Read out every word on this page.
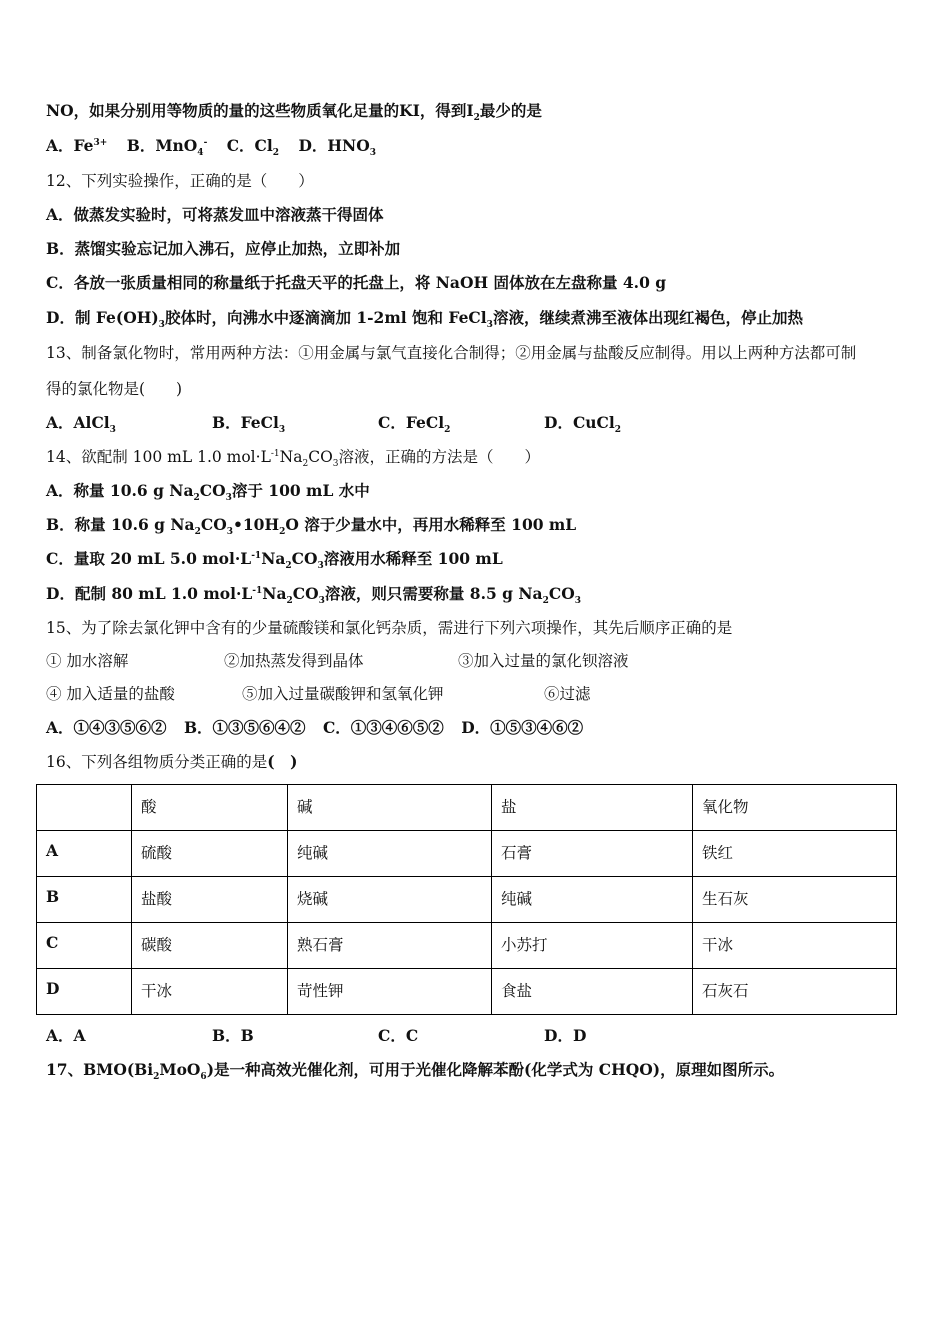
NO，如果分别用等物质的量的这些物质氧化足量的KI，得到$I_2$最少的是
A．$Fe^{3+}$ B．MnO$_4$- C．$Cl_2$ D．$HNO_3$
12、下列实验操作，正确的是（　　）
A．做蒸发实验时，可将蒸发皿中溶液蒸干得固体
B．蒸馏实验忘记加入沸石，应停止加热，立即补加
C．各放一张质量相同的称量纸于托盘天平的托盘上，将 NaOH 固体放在左盘称量 4.0 g
D．制 $Fe(OH)_3$胶体时，向沸水中逐滴滴加 1-2ml 饱和 FeCl$_3$溶液，继续煮沸至液体出现红褐色，停止加热
13、制备氯化物时，常用两种方法：①用金属与氯气直接化合制得；②用金属与盐酸反应制得。用以上两种方法都可制
得的氯化物是(　　)
A．AlCl$_3$	B．FeCl$_3$	C．FeCl$_2$	D．CuCl$_2$
14、欲配制 100 mL 1.0 $mol\cdot L^{-1}Na_2CO_3$溶液，正确的方法是（　　）
A．称量 10.6 g $Na_2CO_3$溶于 100 mL 水中
B．称量 10.6 g $Na_2CO_3•10H_2O$ 溶于少量水中，再用水稀释至 100 mL
C．量取 20 mL 5.0 $mol\cdot L^{-1}Na_2CO_3$溶液用水稀释至 100 mL
D．配制 80 mL 1.0 $mol\cdot L^{-1}Na_2CO_3$溶液，则只需要称量 8.5 g $Na_2CO_3$
15、为了除去氯化钾中含有的少量硫酸镁和氯化钙杂质，需进行下列六项操作，其先后顺序正确的是
① 加水溶解	②加热蒸发得到晶体	③加入过量的氯化钡溶液
④ 加入适量的盐酸	⑤加入过量碳酸钾和氢氧化钾	⑥过滤
A．①④③⑤⑥② B．①③⑤⑥④② C．①③④⑥⑤② D．①⑤③④⑥②
16、下列各组物质分类正确的是(　)
	酸	碱	盐	氧化物
A	硫酸	纯碱	石膏	铁红
B	盐酸	烧碱	纯碱	生石灰
C	碳酸	熟石膏	小苏打	干冰
D	干冰	苛性钾	食盐	石灰石
A．A	B．B	C．C	D．D
17、$BMO(Bi_2MoO_6)$是一种高效光催化剂，可用于光催化降解苯酚(化学式为 CHQO)，原理如图所示。
